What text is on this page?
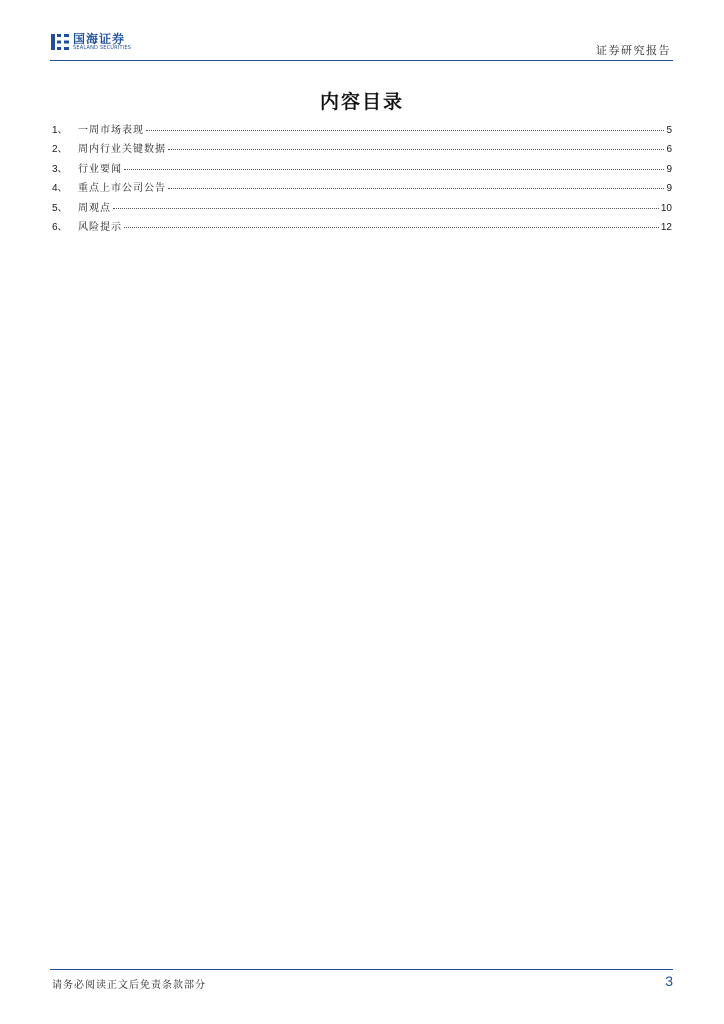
国海证券
SEALAND SECURITIES	证券研究报告
内容目录
1、	一周市场表现	5
2、	周内行业关键数据	6
3、	行业要闻	9
4、	重点上市公司公告	9
5、	周观点	10
6、	风险提示	12
请务必阅读正文后免责条款部分	3
